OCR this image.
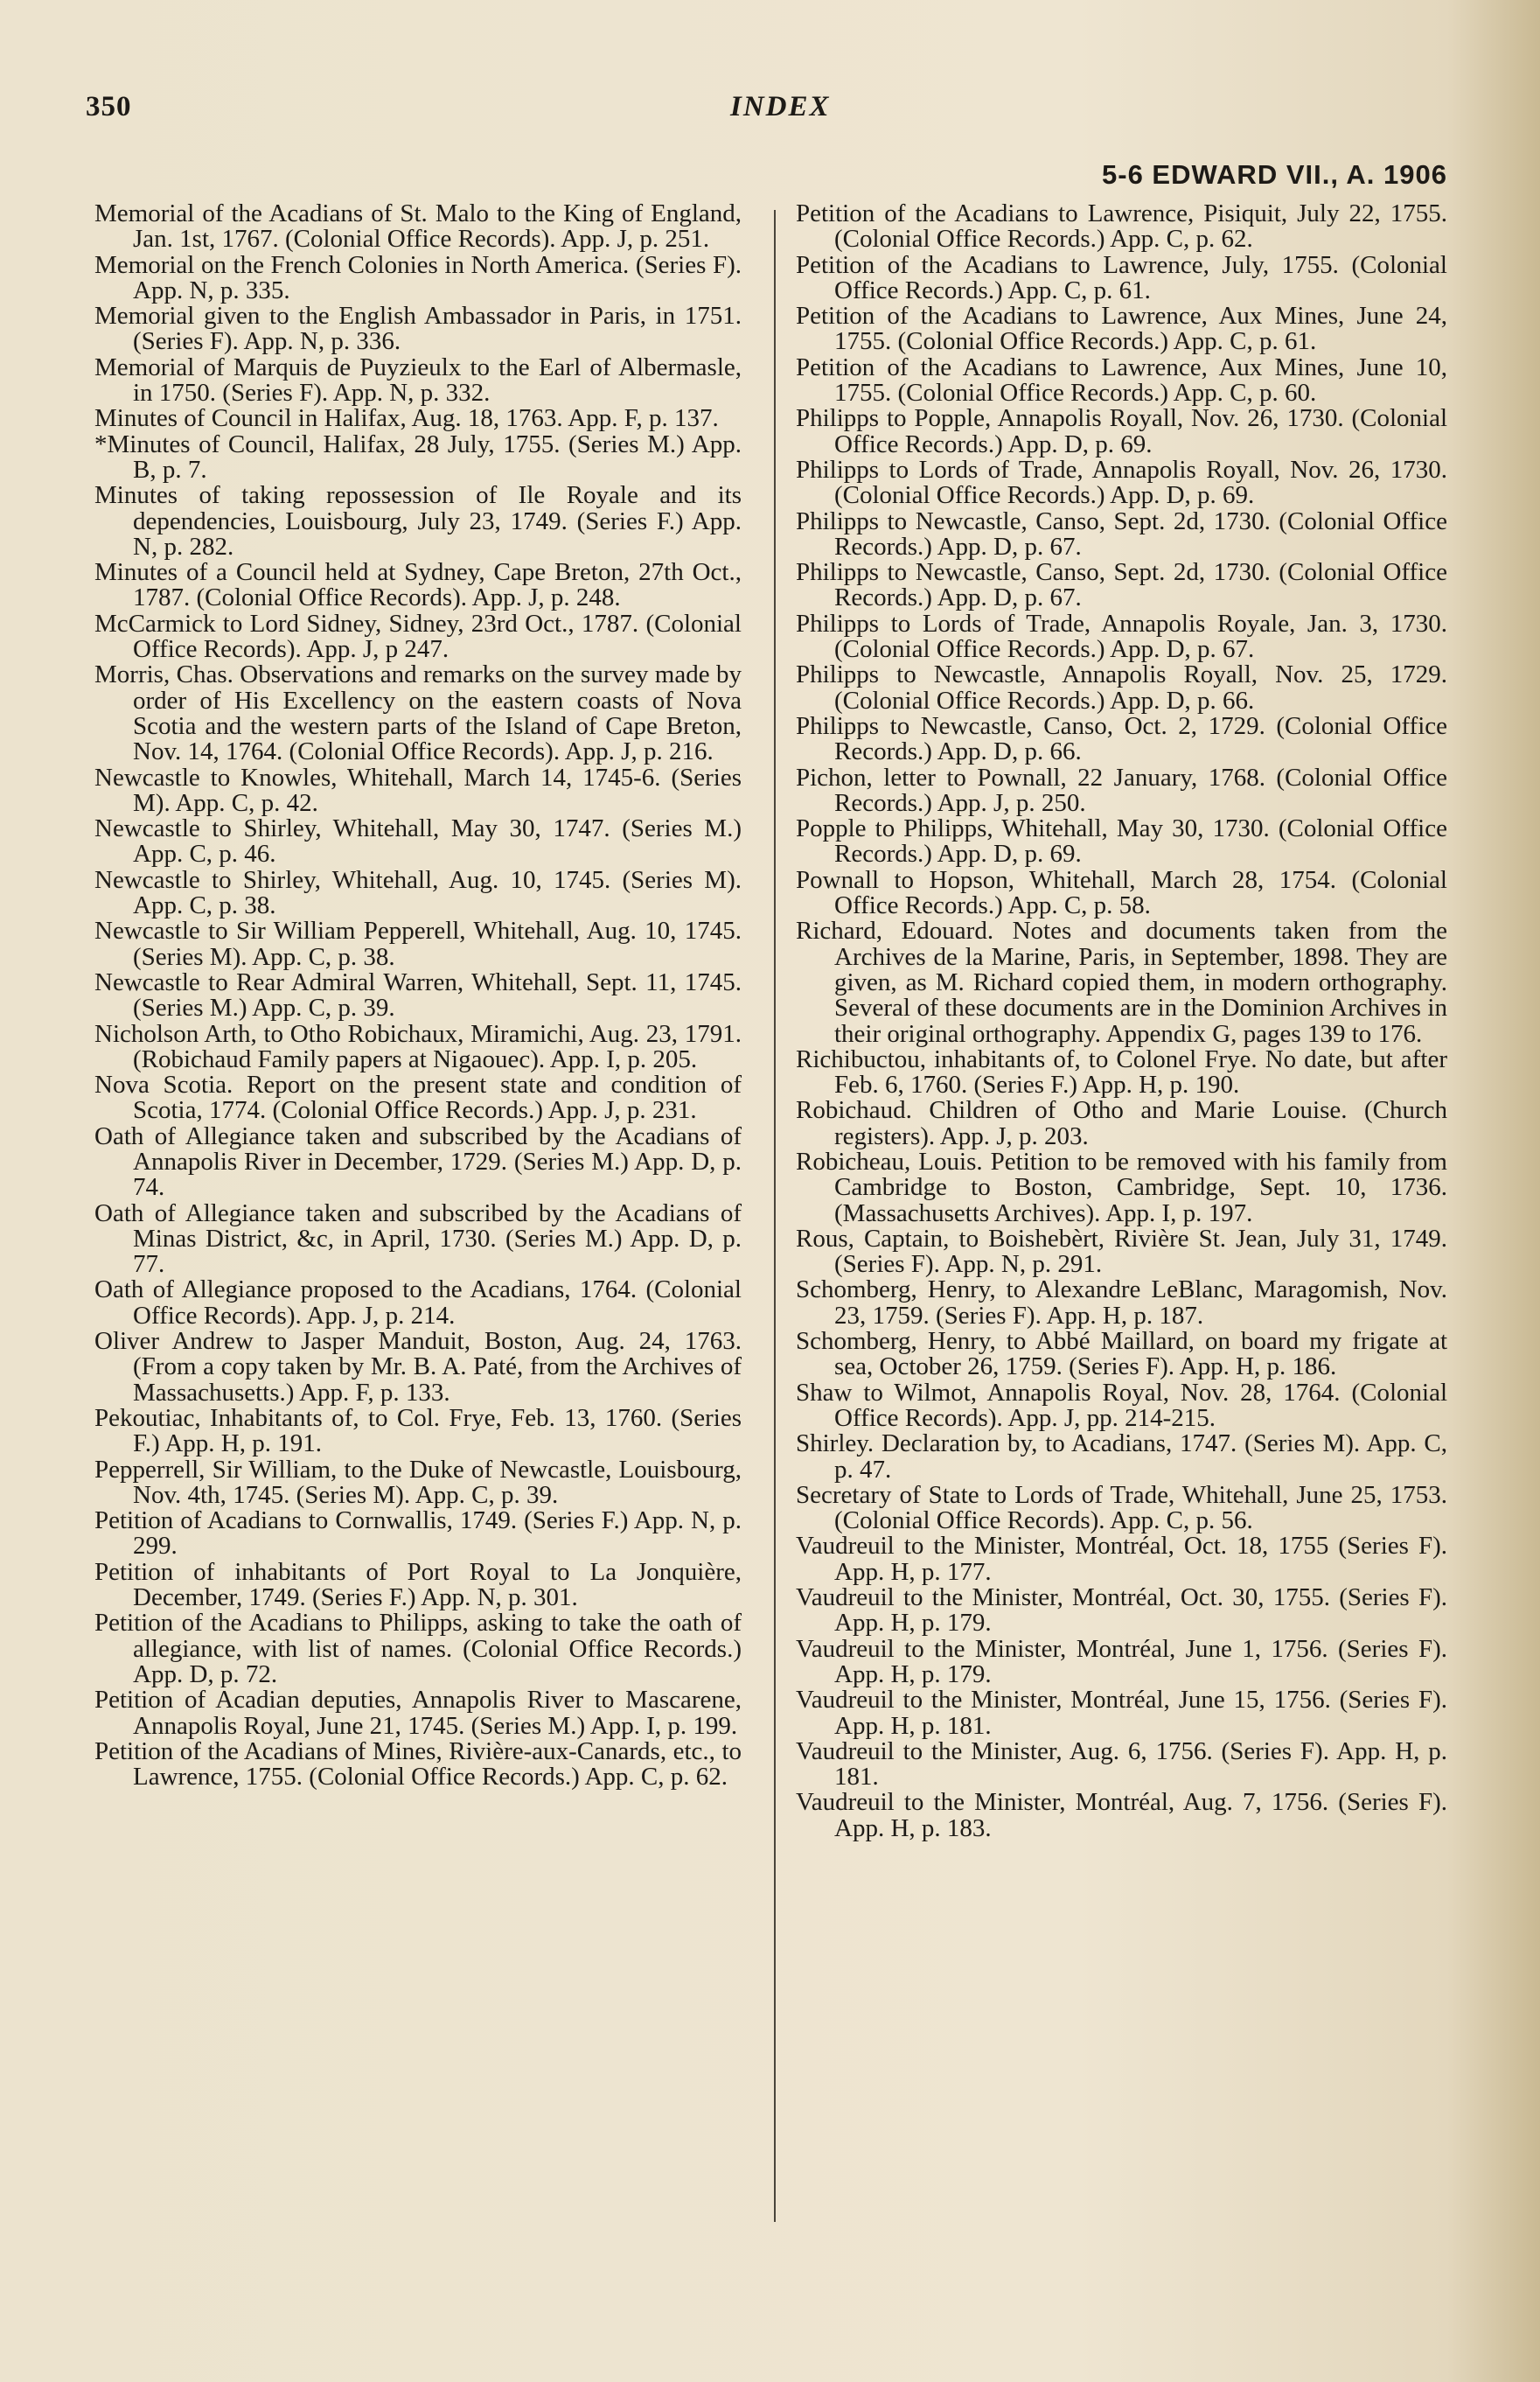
350	INDEX
5-6 EDWARD VII., A. 1906

Memorial of the Acadians of St. Malo to the King of England, Jan. 1st, 1767. (Colonial Office Records). App. J, p. 251.

Memorial on the French Colonies in North America. (Series F). App. N, p. 335.

Memorial given to the English Ambassador in Paris, in 1751. (Series F). App. N, p. 336.

Memorial of Marquis de Puyzieulx to the Earl of Albermasle, in 1750. (Series F). App. N, p. 332.

Minutes of Council in Halifax, Aug. 18, 1763. App. F, p. 137.

*Minutes of Council, Halifax, 28 July, 1755. (Series M.) App. B, p. 7.

Minutes of taking repossession of Ile Royale and its dependencies, Louisbourg, July 23, 1749. (Series F.) App. N, p. 282.

Minutes of a Council held at Sydney, Cape Breton, 27th Oct., 1787. (Colonial Office Records). App. J, p. 248.

McCarmick to Lord Sidney, Sidney, 23rd Oct., 1787. (Colonial Office Records). App. J, p 247.

Morris, Chas. Observations and remarks on the survey made by order of His Excellency on the eastern coasts of Nova Scotia and the western parts of the Island of Cape Breton, Nov. 14, 1764. (Colonial Office Records). App. J, p. 216.

Newcastle to Knowles, Whitehall, March 14, 1745-6. (Series M). App. C, p. 42.

Newcastle to Shirley, Whitehall, May 30, 1747. (Series M.) App. C, p. 46.

Newcastle to Shirley, Whitehall, Aug. 10, 1745. (Series M). App. C, p. 38.

Newcastle to Sir William Pepperell, Whitehall, Aug. 10, 1745. (Series M). App. C, p. 38.

Newcastle to Rear Admiral Warren, Whitehall, Sept. 11, 1745. (Series M.) App. C, p. 39.

Nicholson Arth, to Otho Robichaux, Miramichi, Aug. 23, 1791. (Robichaud Family papers at Nigaouec). App. I, p. 205.

Nova Scotia. Report on the present state and condition of Scotia, 1774. (Colonial Office Records.) App. J, p. 231.

Oath of Allegiance taken and subscribed by the Acadians of Annapolis River in December, 1729. (Series M.) App. D, p. 74.

Oath of Allegiance taken and subscribed by the Acadians of Minas District, &c, in April, 1730. (Series M.) App. D, p. 77.

Oath of Allegiance proposed to the Acadians, 1764. (Colonial Office Records). App. J, p. 214.

Oliver Andrew to Jasper Manduit, Boston, Aug. 24, 1763. (From a copy taken by Mr. B. A. Paté, from the Archives of Massachusetts.) App. F, p. 133.

Pekoutiac, Inhabitants of, to Col. Frye, Feb. 13, 1760. (Series F.) App. H, p. 191.

Pepperrell, Sir William, to the Duke of Newcastle, Louisbourg, Nov. 4th, 1745. (Series M). App. C, p. 39.

Petition of Acadians to Cornwallis, 1749. (Series F.) App. N, p. 299.

Petition of inhabitants of Port Royal to La Jonquière, December, 1749. (Series F.) App. N, p. 301.

Petition of the Acadians to Philipps, asking to take the oath of allegiance, with list of names. (Colonial Office Records.) App. D, p. 72.

Petition of Acadian deputies, Annapolis River to Mascarene, Annapolis Royal, June 21, 1745. (Series M.) App. I, p. 199.

Petition of the Acadians of Mines, Rivière-aux-Canards, etc., to Lawrence, 1755. (Colonial Office Records.) App. C, p. 62.

Petition of the Acadians to Lawrence, Pisiquit, July 22, 1755. (Colonial Office Records.) App. C, p. 62.

Petition of the Acadians to Lawrence, July, 1755. (Colonial Office Records.) App. C, p. 61.

Petition of the Acadians to Lawrence, Aux Mines, June 24, 1755. (Colonial Office Records.) App. C, p. 61.

Petition of the Acadians to Lawrence, Aux Mines, June 10, 1755. (Colonial Office Records.) App. C, p. 60.

Philipps to Popple, Annapolis Royall, Nov. 26, 1730. (Colonial Office Records.) App. D, p. 69.

Philipps to Lords of Trade, Annapolis Royall, Nov. 26, 1730. (Colonial Office Records.) App. D, p. 69.

Philipps to Newcastle, Canso, Sept. 2d, 1730. (Colonial Office Records.) App. D, p. 67.

Philipps to Newcastle, Canso, Sept. 2d, 1730. (Colonial Office Records.) App. D, p. 67.

Philipps to Lords of Trade, Annapolis Royale, Jan. 3, 1730. (Colonial Office Records.) App. D, p. 67.

Philipps to Newcastle, Annapolis Royall, Nov. 25, 1729. (Colonial Office Records.) App. D, p. 66.

Philipps to Newcastle, Canso, Oct. 2, 1729. (Colonial Office Records.) App. D, p. 66.

Pichon, letter to Pownall, 22 January, 1768. (Colonial Office Records.) App. J, p. 250.

Popple to Philipps, Whitehall, May 30, 1730. (Colonial Office Records.) App. D, p. 69.

Pownall to Hopson, Whitehall, March 28, 1754. (Colonial Office Records.) App. C, p. 58.

Richard, Edouard. Notes and documents taken from the Archives de la Marine, Paris, in September, 1898. They are given, as M. Richard copied them, in modern orthography. Several of these documents are in the Dominion Archives in their original orthography. Appendix G, pages 139 to 176.

Richibuctou, inhabitants of, to Colonel Frye. No date, but after Feb. 6, 1760. (Series F.) App. H, p. 190.

Robichaud. Children of Otho and Marie Louise. (Church registers). App. J, p. 203.

Robicheau, Louis. Petition to be removed with his family from Cambridge to Boston, Cambridge, Sept. 10, 1736. (Massachusetts Archives). App. I, p. 197.

Rous, Captain, to Boishebèrt, Rivière St. Jean, July 31, 1749. (Series F). App. N, p. 291.

Schomberg, Henry, to Alexandre LeBlanc, Maragomish, Nov. 23, 1759. (Series F). App. H, p. 187.

Schomberg, Henry, to Abbé Maillard, on board my frigate at sea, October 26, 1759. (Series F). App. H, p. 186.

Shaw to Wilmot, Annapolis Royal, Nov. 28, 1764. (Colonial Office Records). App. J, pp. 214-215.

Shirley. Declaration by, to Acadians, 1747. (Series M). App. C, p. 47.

Secretary of State to Lords of Trade, Whitehall, June 25, 1753. (Colonial Office Records). App. C, p. 56.

Vaudreuil to the Minister, Montréal, Oct. 18, 1755 (Series F). App. H, p. 177.

Vaudreuil to the Minister, Montréal, Oct. 30, 1755. (Series F). App. H, p. 179.

Vaudreuil to the Minister, Montréal, June 1, 1756. (Series F). App. H, p. 179.

Vaudreuil to the Minister, Montréal, June 15, 1756. (Series F). App. H, p. 181.

Vaudreuil to the Minister, Aug. 6, 1756. (Series F). App. H, p. 181.

Vaudreuil to the Minister, Montréal, Aug. 7, 1756. (Series F). App. H, p. 183.
